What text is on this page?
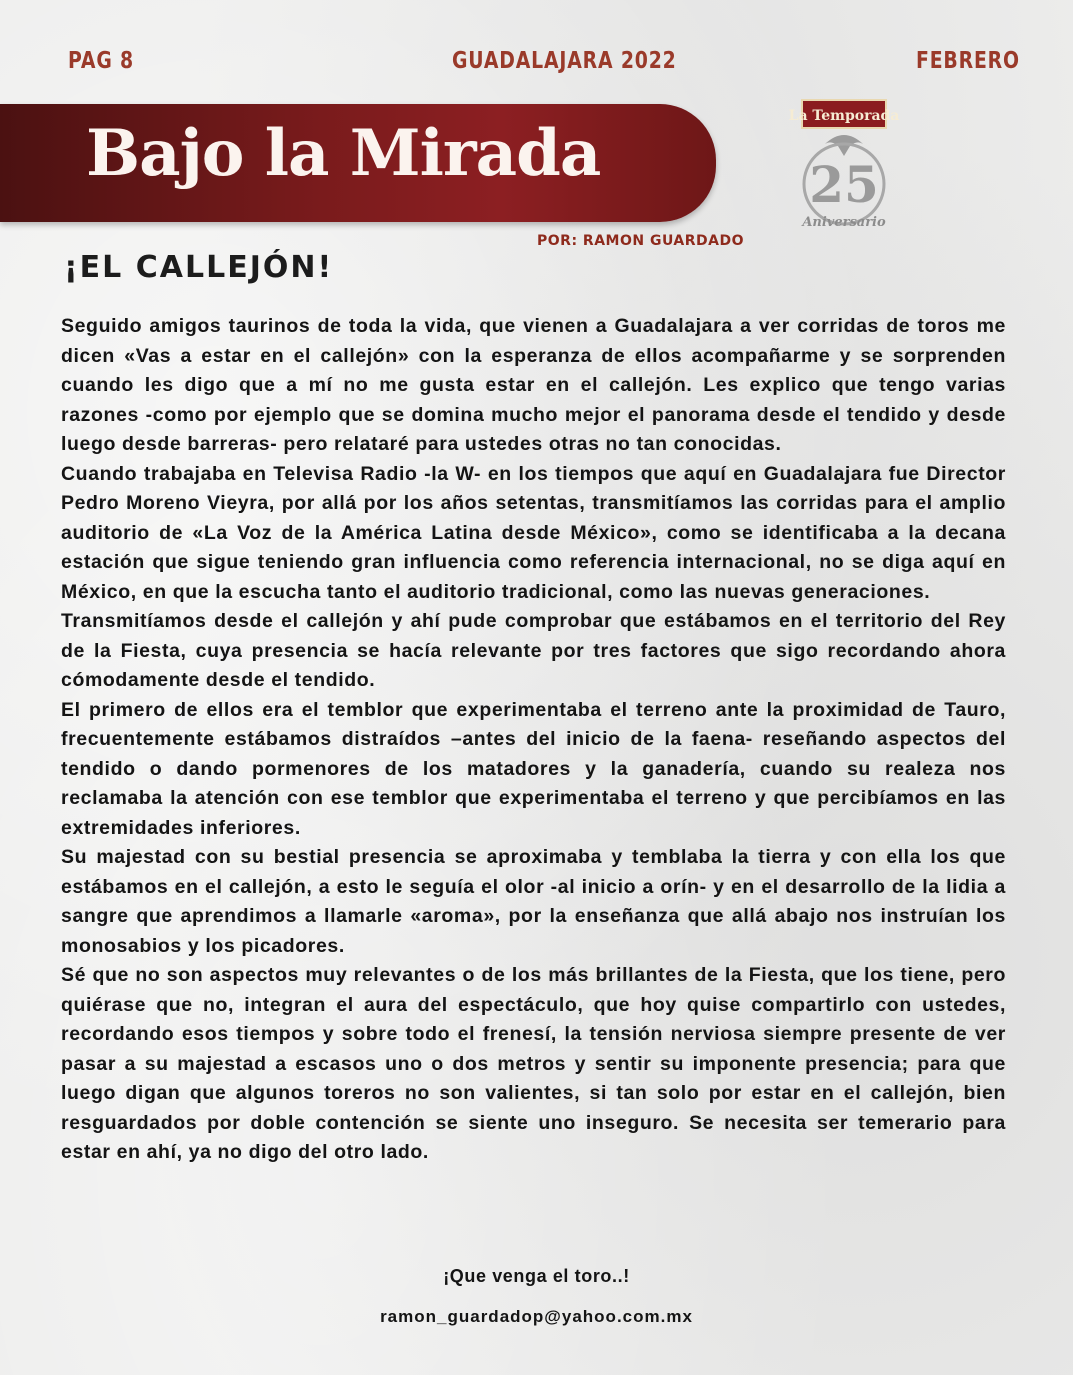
PAG 8	GUADALAJARA 2022	FEBRERO
Bajo la Mirada	La Temporada
25
Aniversario
POR: RAMON GUARDADO
¡EL CALLEJÓN!

Seguido amigos taurinos de toda la vida, que vienen a Guadalajara a ver corridas de toros me dicen «Vas a estar en el callejón» con la esperanza de ellos acompañarme y se sorprenden cuando les digo que a mí no me gusta estar en el callejón. Les explico que tengo varias razones -como por ejemplo que se domina mucho mejor el panorama desde el tendido y desde luego desde barreras- pero relataré para ustedes otras no tan conocidas.

Cuando trabajaba en Televisa Radio -la W- en los tiempos que aquí en Guadalajara fue Director Pedro Moreno Vieyra, por allá por los años setentas, transmitíamos las corridas para el amplio auditorio de «La Voz de la América Latina desde México», como se identificaba a la decana estación que sigue teniendo gran influencia como referencia internacional, no se diga aquí en México, en que la escucha tanto el auditorio tradicional, como las nuevas generaciones.

Transmitíamos desde el callejón y ahí pude comprobar que estábamos en el territorio del Rey de la Fiesta, cuya presencia se hacía relevante por tres factores que sigo recordando ahora cómodamente desde el tendido.

El primero de ellos era el temblor que experimentaba el terreno ante la proximidad de Tauro, frecuentemente estábamos distraídos –antes del inicio de la faena- reseñando aspectos del tendido o dando pormenores de los matadores y la ganadería, cuando su realeza nos reclamaba la atención con ese temblor que experimentaba el terreno y que percibíamos en las extremidades inferiores.

Su majestad con su bestial presencia se aproximaba y temblaba la tierra y con ella los que estábamos en el callejón, a esto le seguía el olor -al inicio a orín- y en el desarrollo de la lidia a sangre que aprendimos a llamarle «aroma», por la enseñanza que allá abajo nos instruían los monosabios y los picadores.

Sé que no son aspectos muy relevantes o de los más brillantes de la Fiesta, que los tiene, pero quiérase que no, integran el aura del espectáculo, que hoy quise compartirlo con ustedes, recordando esos tiempos y sobre todo el frenesí, la tensión nerviosa siempre presente de ver pasar a su majestad a escasos uno o dos metros y sentir su imponente presencia; para que luego digan que algunos toreros no son valientes, si tan solo por estar en el callejón, bien resguardados por doble contención se siente uno inseguro. Se necesita ser temerario para estar en ahí, ya no digo del otro lado.

¡Que venga el toro..!
ramon_guardadop@yahoo.com.mx
